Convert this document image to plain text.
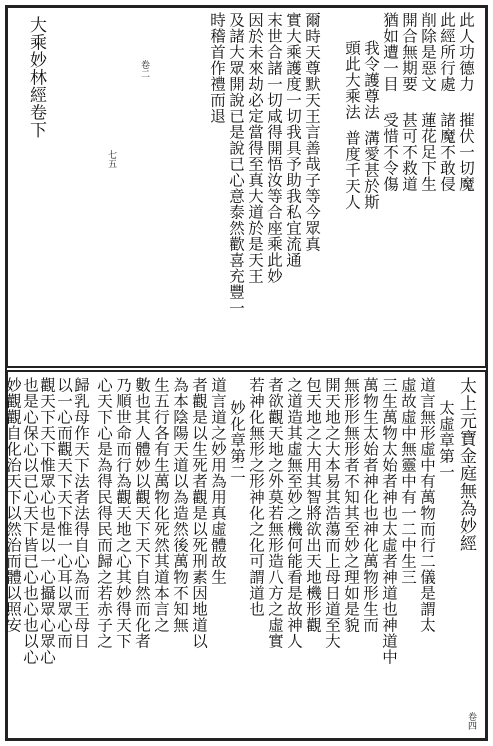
此人功德力
此經所行處
削除是惡文
開合無期要
猶如遭一目
我令護尊法
頭此大乘法
摧伏一切魔
諸魔不敢侵
蓮花足下生
甚可不救道
受惜不令傷
溝愛甚於斯
普度千天人
爾時天尊默天王言善哉子等今眾真
實大乘護度一切我具予助我私宜流通
末世合諸一切咸得開悟汝等合座乘此妙
因於未來劫必定當得至真大道於是天王
及諸大眾開說已是說已心意泰然歡喜充豐一
時稽首作禮而退
卷二
七五
大乘妙林經卷下
太上元寶金庭無為妙經
卷四
太虛章第一
道言無形虛中有萬物而行二儀是謂太
虛故虛中無靈中有一二中生三
三生萬物太始者神也太虛者神道也神道中
萬物生太始者神化也神化萬物形生而
無形形無形者不知其至妙之理如是貌
開天地之大本易其浩蕩而上母日道至大
包天地之大用其智將欲出天地機形觀
之道造其虛無至妙之機何能看是故神人
者欲觀天地之外莫若無形造八方之虛實
若神化無形之形神化之化可謂道也
妙化章第二
道言道之妙用為用真虛體故生
者觀是以生死者觀是以死刑素因地道以
為本陰陽天道以為造然後萬物不知無
生五行各有生萬物化死然其道本言之
數也其人體妙以觀天下天下自然而化者
乃順世命而行為觀天地之心其妙得天下
心天下心是為得民得民而歸之若赤子之
歸乳母作天下法者法得自心為而王母日
以一心而觀天下天下惟一心耳以眾心而
觀天下天下惟眾心也是以一心攝眾心眾心
也是心保心以已心天下皆已心也心也以心
妙觀觀自化治天下以然治而體以照安
